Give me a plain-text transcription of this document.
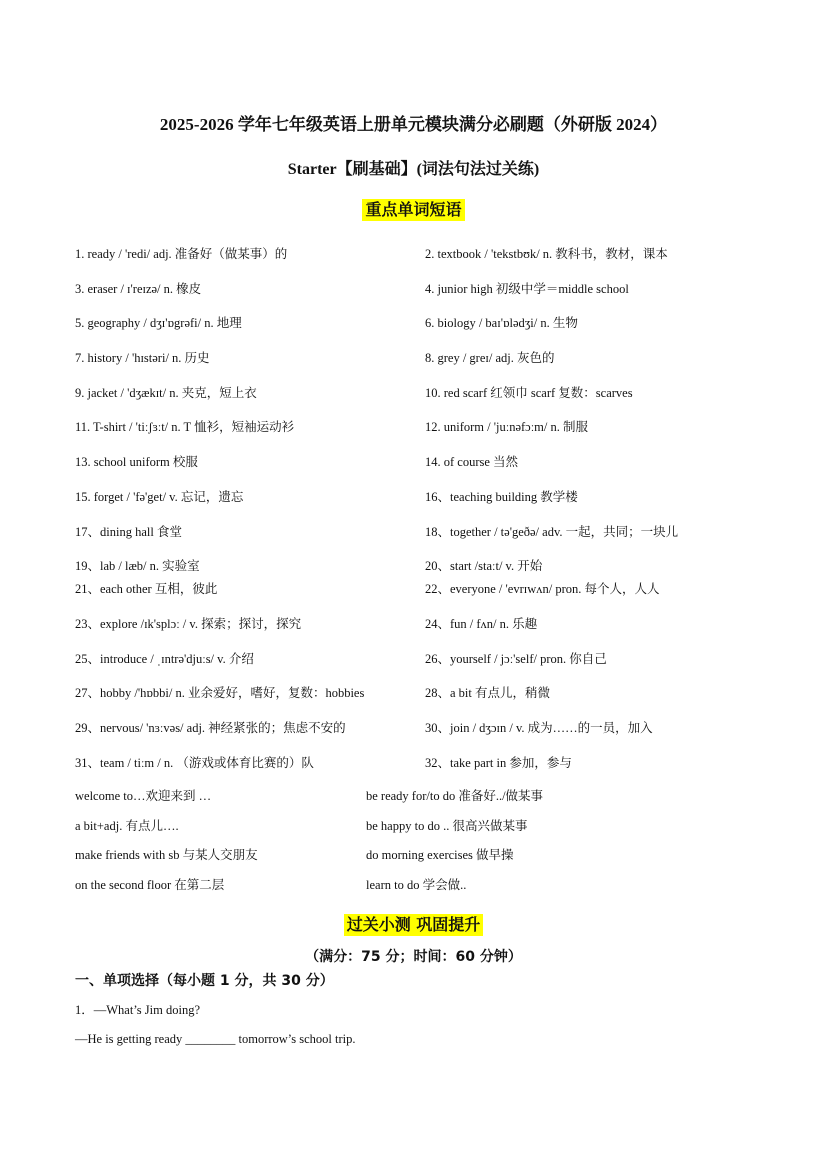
2025-2026 学年七年级英语上册单元模块满分必刷题（外研版 2024）
Starter【刷基础】(词法句法过关练)
重点单词短语
1. ready / 'redi/ adj. 准备好（做某事）的	2. textbook / 'tekstbʊk/ n. 教科书，教材，课本
3. eraser / ɪ'reɪzə/ n. 橡皮	4. junior high 初级中学＝middle school
5. geography / dʒɪ'ɒgrəfi/ n. 地理	6. biology / baɪ'ɒlədʒi/ n. 生物
7. history / 'hɪstəri/ n. 历史	8. grey / greɪ/ adj. 灰色的
9. jacket / 'dʒækɪt/ n. 夹克，短上衣	10. red scarf 红领巾 scarf 复数：scarves
11. T-shirt / 'tiːʃɜːt/ n. T 恤衫，短袖运动衫	12. uniform / 'juːnəfɔːm/ n. 制服
13. school uniform 校服	14. of course 当然
15. forget / 'fə'get/ v. 忘记，遗忘	16、teaching building 教学楼
17、dining hall 食堂	18、together / tə'geðə/ adv. 一起，共同；一块儿
19、lab / læb/ n. 实验室	20、start /staːt/ v. 开始
21、each other 互相，彼此	22、everyone / 'evrɪwʌn/ pron. 每个人，人人
23、explore /ɪk'splɔː / v. 探索；探讨，探究	24、fun / fʌn/ n. 乐趣
25、introduce / ˌɪntrə'djuːs/ v. 介绍	26、yourself / jɔː'self/ pron. 你自己
27、hobby /'hɒbbi/ n. 业余爱好，嗜好，复数：hobbies	28、a bit 有点儿，稍微
29、nervous/ 'nɜːvəs/ adj. 神经紧张的；焦虑不安的	30、join / dʒɔɪn / v. 成为……的一员，加入
31、team / tiːm / n. （游戏或体育比赛的）队	32、take part in 参加，参与
welcome to…欢迎来到 …	be ready for/to do 准备好../做某事
a bit+adj. 有点儿….	be happy to do .. 很高兴做某事
make friends with sb 与某人交朋友	do morning exercises 做早操
on the second floor 在第二层	learn to do 学会做..
过关小测 巩固提升
（满分：75 分；时间：60 分钟）
一、单项选择（每小题 1 分，共 30 分）
1．—What’s Jim doing?
—He is getting ready ________ tomorrow’s school trip.
